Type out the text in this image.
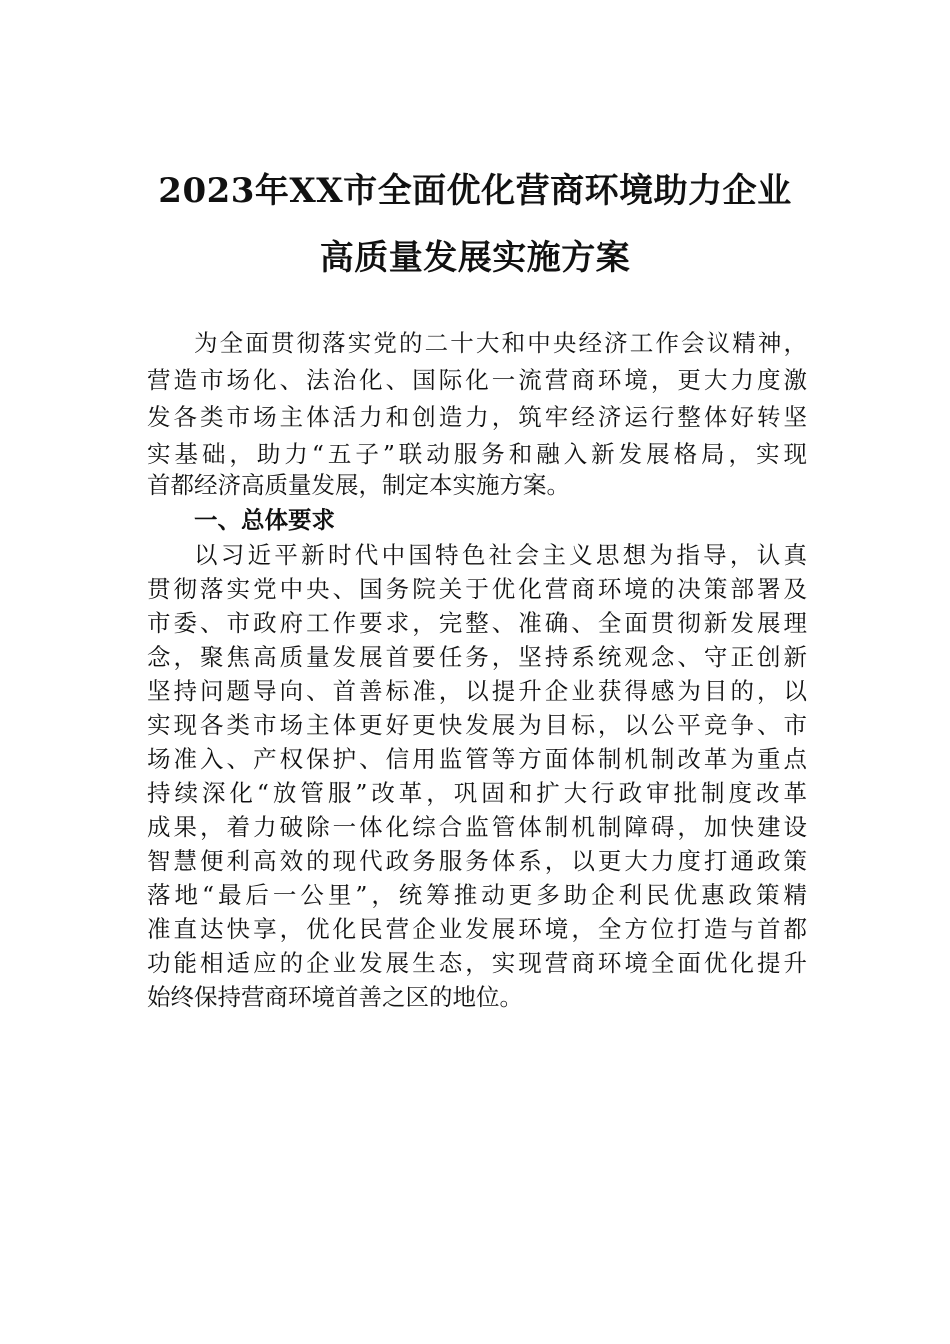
2023年XX市全面优化营商环境助力企业
高质量发展实施方案
为全面贯彻落实党的二十大和中央经济工作会议精神，
营造市场化、法治化、国际化一流营商环境，更大力度激
发各类市场主体活力和创造力，筑牢经济运行整体好转坚
实基础，助力“五子”联动服务和融入新发展格局，实现
首都经济高质量发展，制定本实施方案。
一、总体要求
以习近平新时代中国特色社会主义思想为指导，认真
贯彻落实党中央、国务院关于优化营商环境的决策部署及
市委、市政府工作要求，完整、准确、全面贯彻新发展理
念，聚焦高质量发展首要任务，坚持系统观念、守正创新
坚持问题导向、首善标准，以提升企业获得感为目的，以
实现各类市场主体更好更快发展为目标，以公平竞争、市
场准入、产权保护、信用监管等方面体制机制改革为重点
持续深化“放管服”改革，巩固和扩大行政审批制度改革
成果，着力破除一体化综合监管体制机制障碍，加快建设
智慧便利高效的现代政务服务体系，以更大力度打通政策
落地“最后一公里”，统筹推动更多助企利民优惠政策精
准直达快享，优化民营企业发展环境，全方位打造与首都
功能相适应的企业发展生态，实现营商环境全面优化提升
始终保持营商环境首善之区的地位。
